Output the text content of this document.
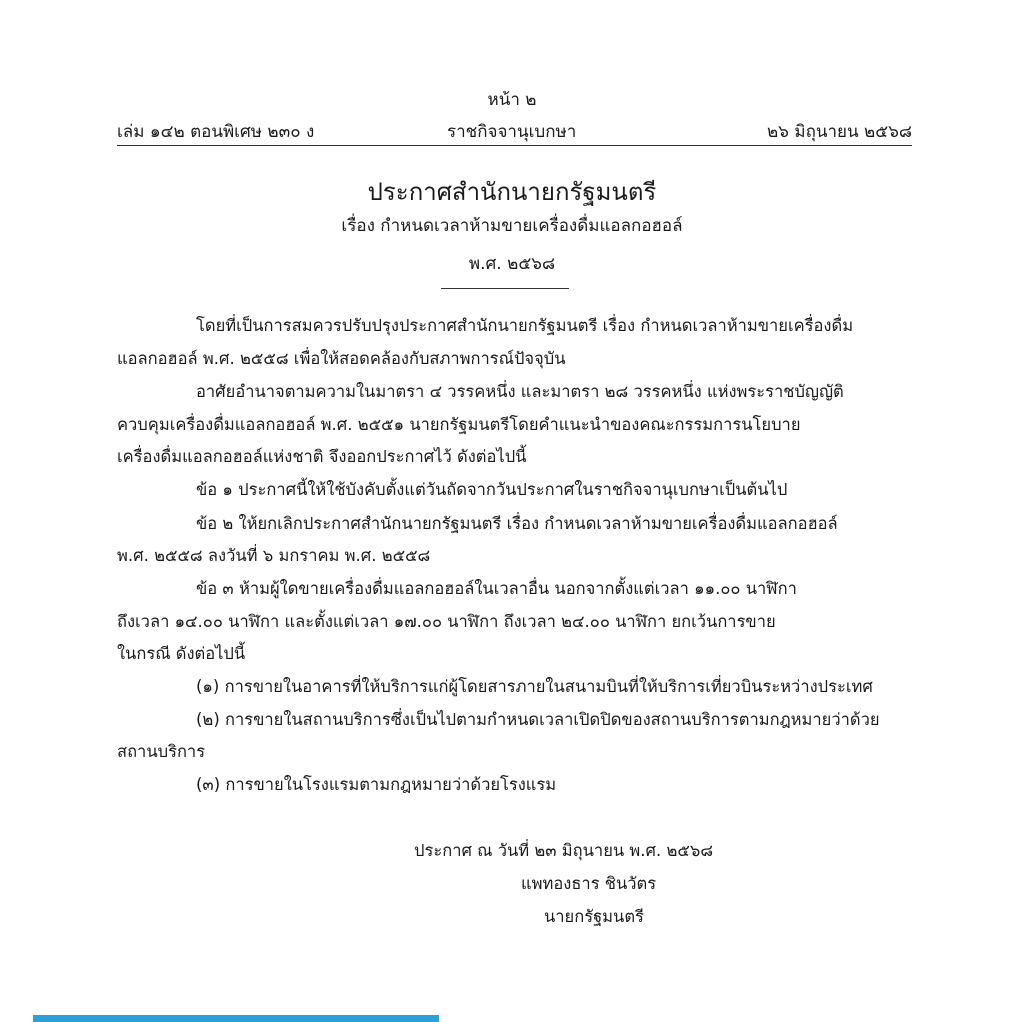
หน้า ๒
เล่ม ๑๔๒ ตอนพิเศษ ๒๓๐ ง	ราชกิจจานุเบกษา	๒๖ มิถุนายน ๒๕๖๘
ประกาศสำนักนายกรัฐมนตรี
เรื่อง กำหนดเวลาห้ามขายเครื่องดื่มแอลกอฮอล์
พ.ศ. ๒๕๖๘
โดยที่เป็นการสมควรปรับปรุงประกาศสำนักนายกรัฐมนตรี เรื่อง กำหนดเวลาห้ามขายเครื่องดื่ม
แอลกอฮอล์ พ.ศ. ๒๕๕๘ เพื่อให้สอดคล้องกับสภาพการณ์ปัจจุบัน
อาศัยอำนาจตามความในมาตรา ๔ วรรคหนึ่ง และมาตรา ๒๘ วรรคหนึ่ง แห่งพระราชบัญญัติ
ควบคุมเครื่องดื่มแอลกอฮอล์ พ.ศ. ๒๕๕๑ นายกรัฐมนตรีโดยคำแนะนำของคณะกรรมการนโยบาย
เครื่องดื่มแอลกอฮอล์แห่งชาติ จึงออกประกาศไว้ ดังต่อไปนี้
ข้อ ๑ ประกาศนี้ให้ใช้บังคับตั้งแต่วันถัดจากวันประกาศในราชกิจจานุเบกษาเป็นต้นไป
ข้อ ๒ ให้ยกเลิกประกาศสำนักนายกรัฐมนตรี เรื่อง กำหนดเวลาห้ามขายเครื่องดื่มแอลกอฮอล์
พ.ศ. ๒๕๕๘ ลงวันที่ ๖ มกราคม พ.ศ. ๒๕๕๘
ข้อ ๓ ห้ามผู้ใดขายเครื่องดื่มแอลกอฮอล์ในเวลาอื่น นอกจากตั้งแต่เวลา ๑๑.๐๐ นาฬิกา
ถึงเวลา ๑๔.๐๐ นาฬิกา และตั้งแต่เวลา ๑๗.๐๐ นาฬิกา ถึงเวลา ๒๔.๐๐ นาฬิกา ยกเว้นการขาย
ในกรณี ดังต่อไปนี้
(๑) การขายในอาคารที่ให้บริการแก่ผู้โดยสารภายในสนามบินที่ให้บริการเที่ยวบินระหว่างประเทศ
(๒) การขายในสถานบริการซึ่งเป็นไปตามกำหนดเวลาเปิดปิดของสถานบริการตามกฎหมายว่าด้วย
สถานบริการ
(๓) การขายในโรงแรมตามกฎหมายว่าด้วยโรงแรม
ประกาศ ณ วันที่ ๒๓ มิถุนายน พ.ศ. ๒๕๖๘
แพทองธาร ชินวัตร
นายกรัฐมนตรี
